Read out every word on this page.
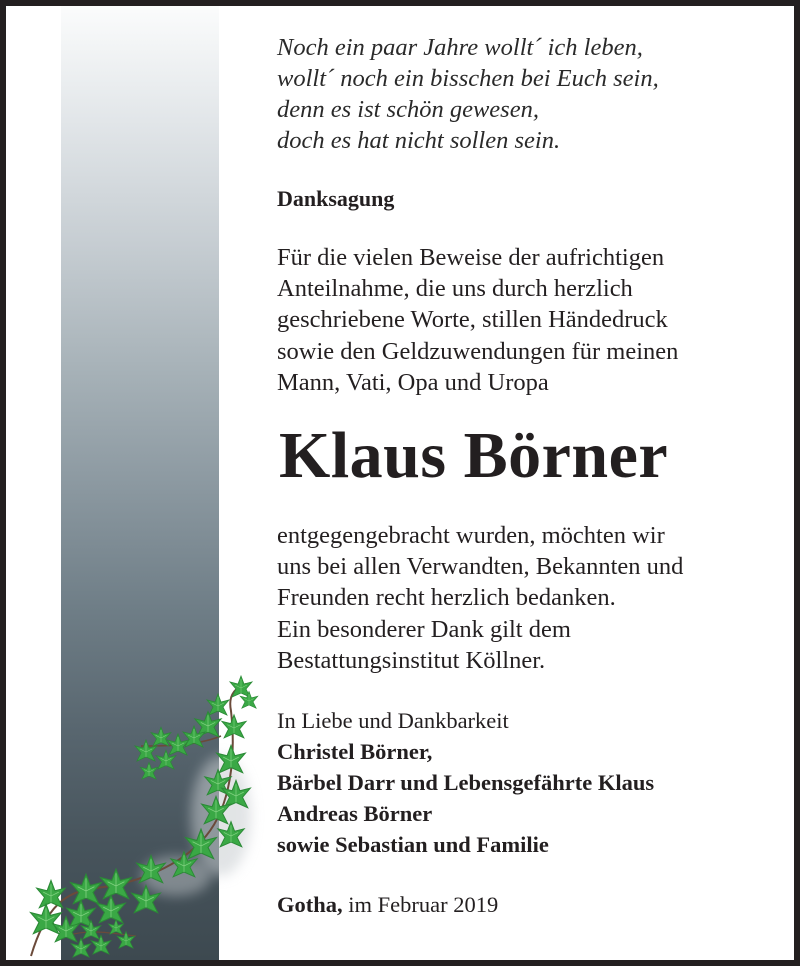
Noch ein paar Jahre wollt´ ich leben,
wollt´ noch ein bisschen bei Euch sein,
denn es ist schön gewesen,
doch es hat nicht sollen sein.
Danksagung
Für die vielen Beweise der aufrichtigen
Anteilnahme, die uns durch herzlich
geschriebene Worte, stillen Händedruck
sowie den Geldzuwendungen für meinen
Mann, Vati, Opa und Uropa
Klaus Börner
entgegengebracht wurden, möchten wir
uns bei allen Verwandten, Bekannten und
Freunden recht herzlich bedanken.
Ein besonderer Dank gilt dem
Bestattungsinstitut Köllner.
In Liebe und Dankbarkeit
Christel Börner,
Bärbel Darr und Lebensgefährte Klaus
Andreas Börner
sowie Sebastian und Familie
Gotha, im Februar 2019
